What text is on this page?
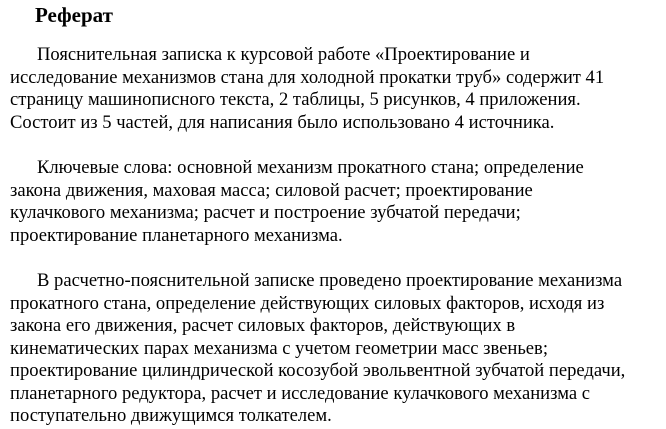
Реферат

Пояснительная записка к курсовой работе «Проектирование и
исследование механизмов стана для холодной прокатки труб» содержит 41
страницу машинописного текста, 2 таблицы, 5 рисунков, 4 приложения.
Состоит из 5 частей, для написания было использовано 4 источника.

Ключевые слова: основной механизм прокатного стана; определение
закона движения, маховая масса; силовой расчет; проектирование
кулачкового механизма; расчет и построение зубчатой передачи;
проектирование планетарного механизма.

В расчетно-пояснительной записке проведено проектирование механизма
прокатного стана, определение действующих силовых факторов, исходя из
закона его движения, расчет силовых факторов, действующих в
кинематических парах механизма с учетом геометрии масс звеньев;
проектирование цилиндрической косозубой эвольвентной зубчатой передачи,
планетарного редуктора, расчет и исследование кулачкового механизма с
поступательно движущимся толкателем.
